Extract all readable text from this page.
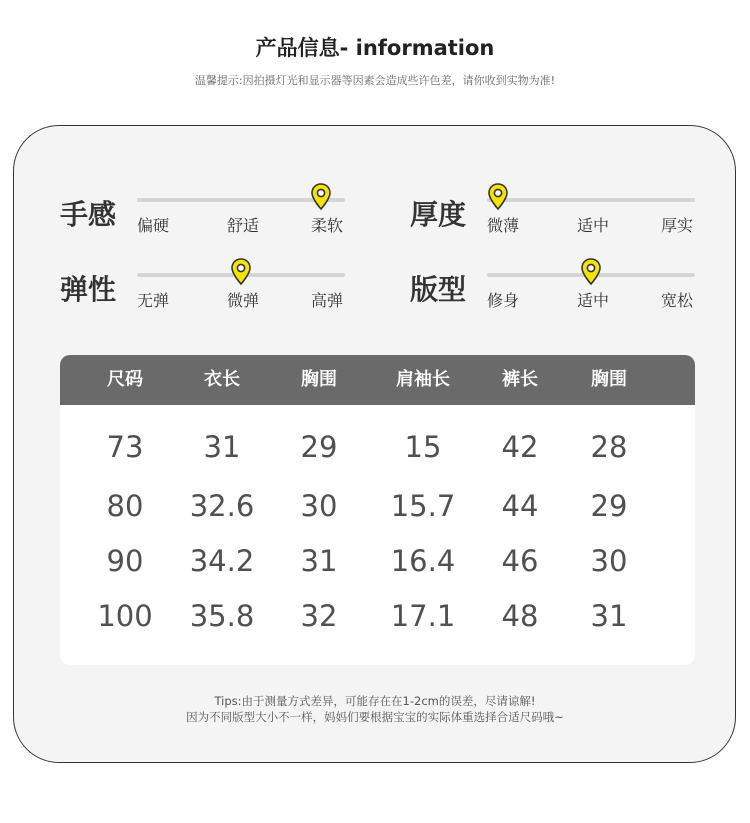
产品信息- information
温馨提示:因拍摄灯光和显示器等因素会造成些许色差，请你收到实物为准!
手感 偏硬	舒适	柔软 厚度 微薄	适中	厚实
弹性 无弹	微弹	高弹 版型 修身	适中	宽松
尺码	衣长	胸围	肩袖长	裤长	胸围
73 31 29 15 42 28
80 32.6 30 15.7 44 29
90 34.2 31 16.4 46 30
100 35.8 32 17.1 48 31
Tips:由于测量方式差异，可能存在在1-2cm的误差，尽请谅解!
因为不同版型大小不一样，妈妈们要根据宝宝的实际体重选择合适尺码哦~
